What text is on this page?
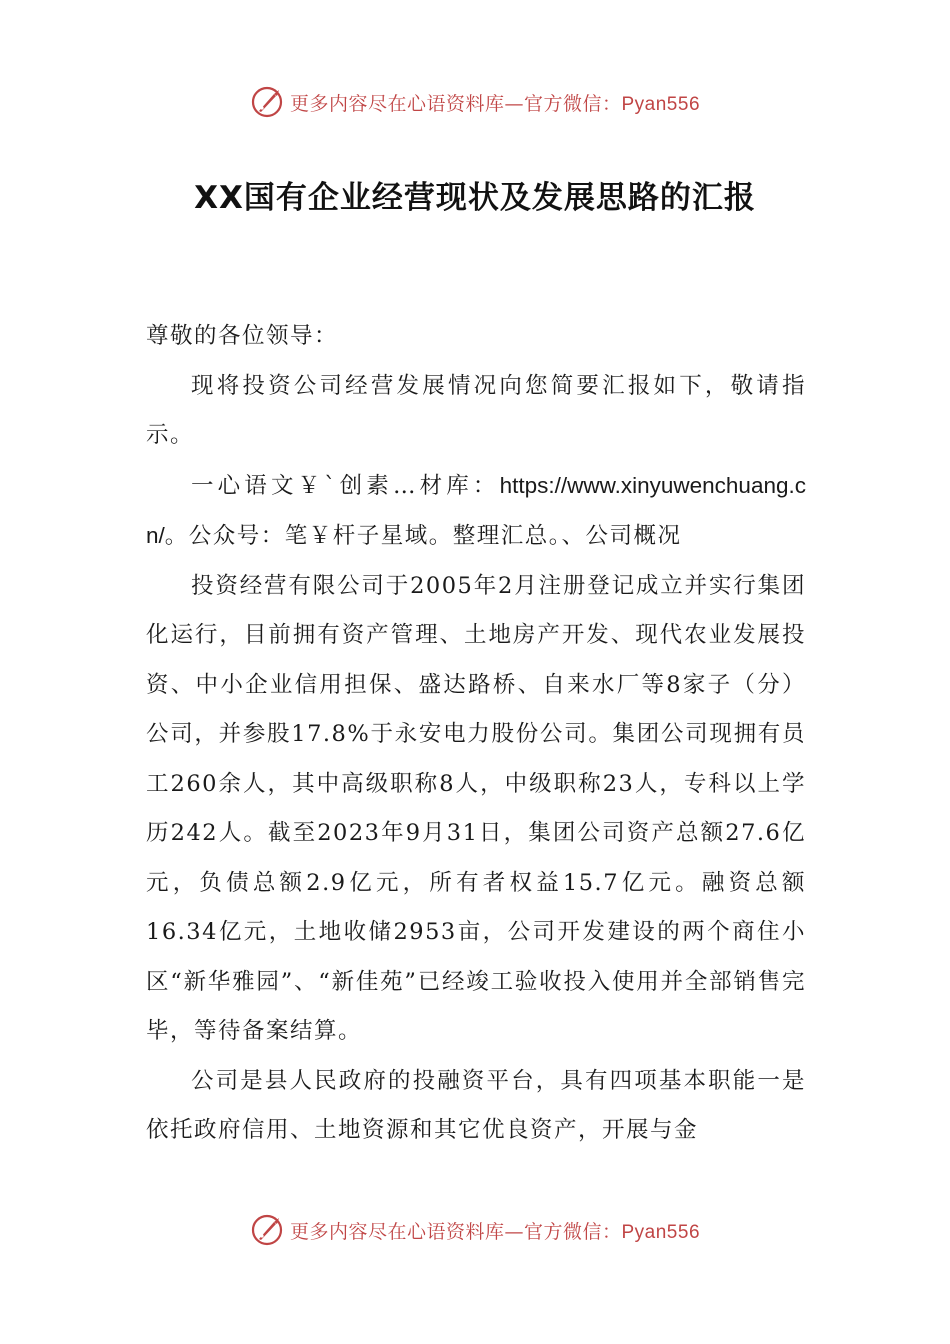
更多内容尽在心语资料库—官方微信：Pyan556
XX国有企业经营现状及发展思路的汇报

尊敬的各位领导：

现将投资公司经营发展情况向您简要汇报如下，敬请指示。

一心语文￥`创素…材库：https://www.xinyuwenchuang.cn/。公众号：笔￥杆子星域。整理汇总。、公司概况

投资经营有限公司于2005年2月注册登记成立并实行集团化运行，目前拥有资产管理、土地房产开发、现代农业发展投资、中小企业信用担保、盛达路桥、自来水厂等8家子（分）公司，并参股17.8%于永安电力股份公司。集团公司现拥有员工260余人，其中高级职称8人，中级职称23人，专科以上学历242人。截至2023年9月31日，集团公司资产总额27.6亿元，负债总额2.9亿元，所有者权益15.7亿元。融资总额16.34亿元，土地收储2953亩，公司开发建设的两个商住小区“新华雅园”、“新佳苑”已经竣工验收投入使用并全部销售完毕，等待备案结算。

公司是县人民政府的投融资平台，具有四项基本职能一是依托政府信用、土地资源和其它优良资产，开展与金

更多内容尽在心语资料库—官方微信：Pyan556
